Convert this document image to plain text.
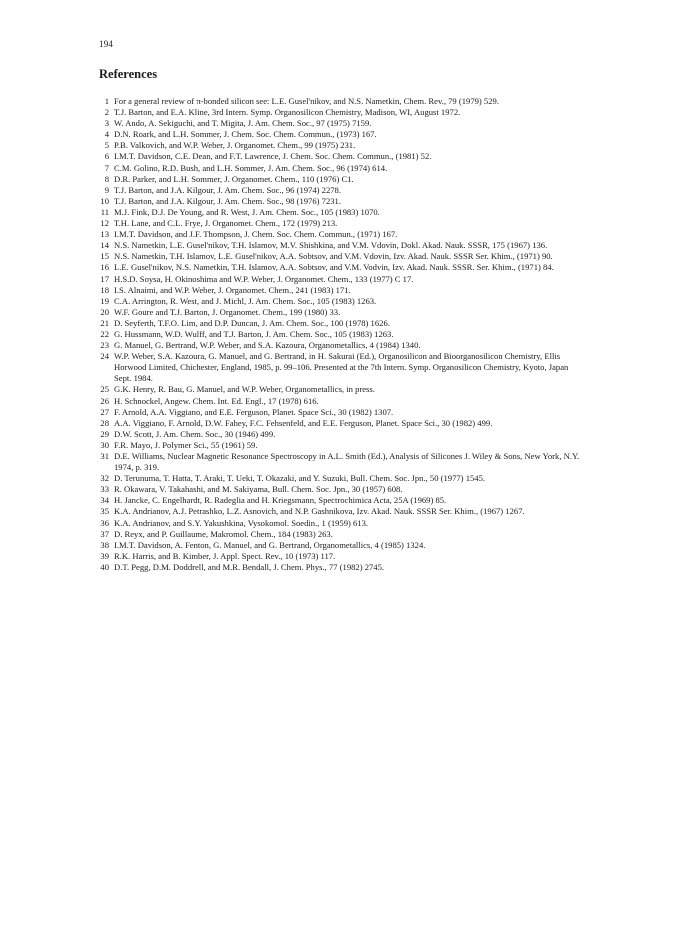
194
References
1 For a general review of π-bonded silicon see: L.E. Gusel'nikov, and N.S. Nametkin, Chem. Rev., 79 (1979) 529.
2 T.J. Barton, and E.A. Kline, 3rd Intern. Symp. Organosilicon Chemistry, Madison, WI, August 1972.
3 W. Ando, A. Sekiguchi, and T. Migita, J. Am. Chem. Soc., 97 (1975) 7159.
4 D.N. Roark, and L.H. Sommer, J. Chem. Soc. Chem. Commun., (1973) 167.
5 P.B. Valkovich, and W.P. Weber, J. Organomet. Chem., 99 (1975) 231.
6 I.M.T. Davidson, C.E. Dean, and F.T. Lawrence, J. Chem. Soc. Chem. Commun., (1981) 52.
7 C.M. Golino, R.D. Bush, and L.H. Sommer, J. Am. Chem. Soc., 96 (1974) 614.
8 D.R. Parker, and L.H. Sommer, J. Organomet. Chem., 110 (1976) C1.
9 T.J. Barton, and J.A. Kilgour, J. Am. Chem. Soc., 96 (1974) 2278.
10 T.J. Barton, and J.A. Kilgour, J. Am. Chem. Soc., 98 (1976) 7231.
11 M.J. Fink, D.J. De Young, and R. West, J. Am. Chem. Soc., 105 (1983) 1070.
12 T.H. Lane, and C.L. Frye, J. Organomet. Chem., 172 (1979) 213.
13 I.M.T. Davidson, and J.F. Thompson, J. Chem. Soc. Chem. Commun., (1971) 167.
14 N.S. Nametkin, L.E. Gusel'nikov, T.H. Islamov, M.V. Shishkina, and V.M. Vdovin, Dokl. Akad. Nauk. SSSR, 175 (1967) 136.
15 N.S. Nametkin, T.H. Islamov, L.E. Gusel'nikov, A.A. Sobtsov, and V.M. Vdovin, Izv. Akad. Nauk. SSSR Ser. Khim., (1971) 90.
16 L.E. Gusel'nikov, N.S. Nametkin, T.H. Islamov, A.A. Sobtsov, and V.M. Vodvin, Izv. Akad. Nauk. SSSR. Ser. Khim., (1971) 84.
17 H.S.D. Soysa, H. Okinoshima and W.P. Weber, J. Organomet. Chem., 133 (1977) C 17.
18 I.S. Alnaimi, and W.P. Weber, J. Organomet. Chem., 241 (1983) 171.
19 C.A. Arrington, R. West, and J. Michl, J. Am. Chem. Soc., 105 (1983) 1263.
20 W.F. Goure and T.J. Barton, J. Organomet. Chem., 199 (1980) 33.
21 D. Seyferth, T.F.O. Lim, and D.P. Duncan, J. Am. Chem. Soc., 100 (1978) 1626.
22 G. Hussmann, W.D. Wulff, and T.J. Barton, J. Am. Chem. Soc., 105 (1983) 1263.
23 G. Manuel, G. Bertrand, W.P. Weber, and S.A. Kazoura, Organometallics, 4 (1984) 1340.
24 W.P. Weber, S.A. Kazoura, G. Manuel, and G. Bertrand, in H. Sakurai (Ed.), Organosilicon and Bioorganosilicon Chemistry, Ellis Horwood Limited, Chichester, England, 1985, p. 99–106. Presented at the 7th Intern. Symp. Organosilicon Chemistry, Kyoto, Japan Sept. 1984.
25 G.K. Henry, R. Bau, G. Manuel, and W.P. Weber, Organometallics, in press.
26 H. Schnockel, Angew. Chem. Int. Ed. Engl., 17 (1978) 616.
27 F. Arnold, A.A. Viggiano, and E.E. Ferguson, Planet. Space Sci., 30 (1982) 1307.
28 A.A. Viggiano, F. Arnold, D.W. Fahey, F.C. Fehsenfeld, and E.E. Ferguson, Planet. Space Sci., 30 (1982) 499.
29 D.W. Scott, J. Am. Chem. Soc., 30 (1946) 499.
30 F.R. Mayo, J. Polymer Sci., 55 (1961) 59.
31 D.E. Williams, Nuclear Magnetic Resonance Spectroscopy in A.L. Smith (Ed.), Analysis of Silicones J. Wiley & Sons, New York, N.Y. 1974, p. 319.
32 D. Terunuma, T. Hatta, T. Araki, T. Ueki, T. Okazaki, and Y. Suzuki, Bull. Chem. Soc. Jpn., 50 (1977) 1545.
33 R. Okawara, V. Takahashi, and M. Sakiyama, Bull. Chem. Soc. Jpn., 30 (1957) 608.
34 H. Jancke, C. Engelhardt, R. Radeglia and H. Kriegsmann, Spectrochimica Acta, 25A (1969) 85.
35 K.A. Andrianov, A.J. Petrashko, L.Z. Asnovich, and N.P. Gashnikova, Izv. Akad. Nauk. SSSR Ser. Khim., (1967) 1267.
36 K.A. Andrianov, and S.Y. Yakushkina, Vysokomol. Soedin., 1 (1959) 613.
37 D. Reyx, and P. Guillaume, Makromol. Chem., 184 (1983) 263.
38 I.M.T. Davidson, A. Fenton, G. Manuel, and G. Bertrand, Organometallics, 4 (1985) 1324.
39 R.K. Harris, and B. Kimber, J. Appl. Spect. Rev., 10 (1973) 117.
40 D.T. Pegg, D.M. Doddrell, and M.R. Bendall, J. Chem. Phys., 77 (1982) 2745.
